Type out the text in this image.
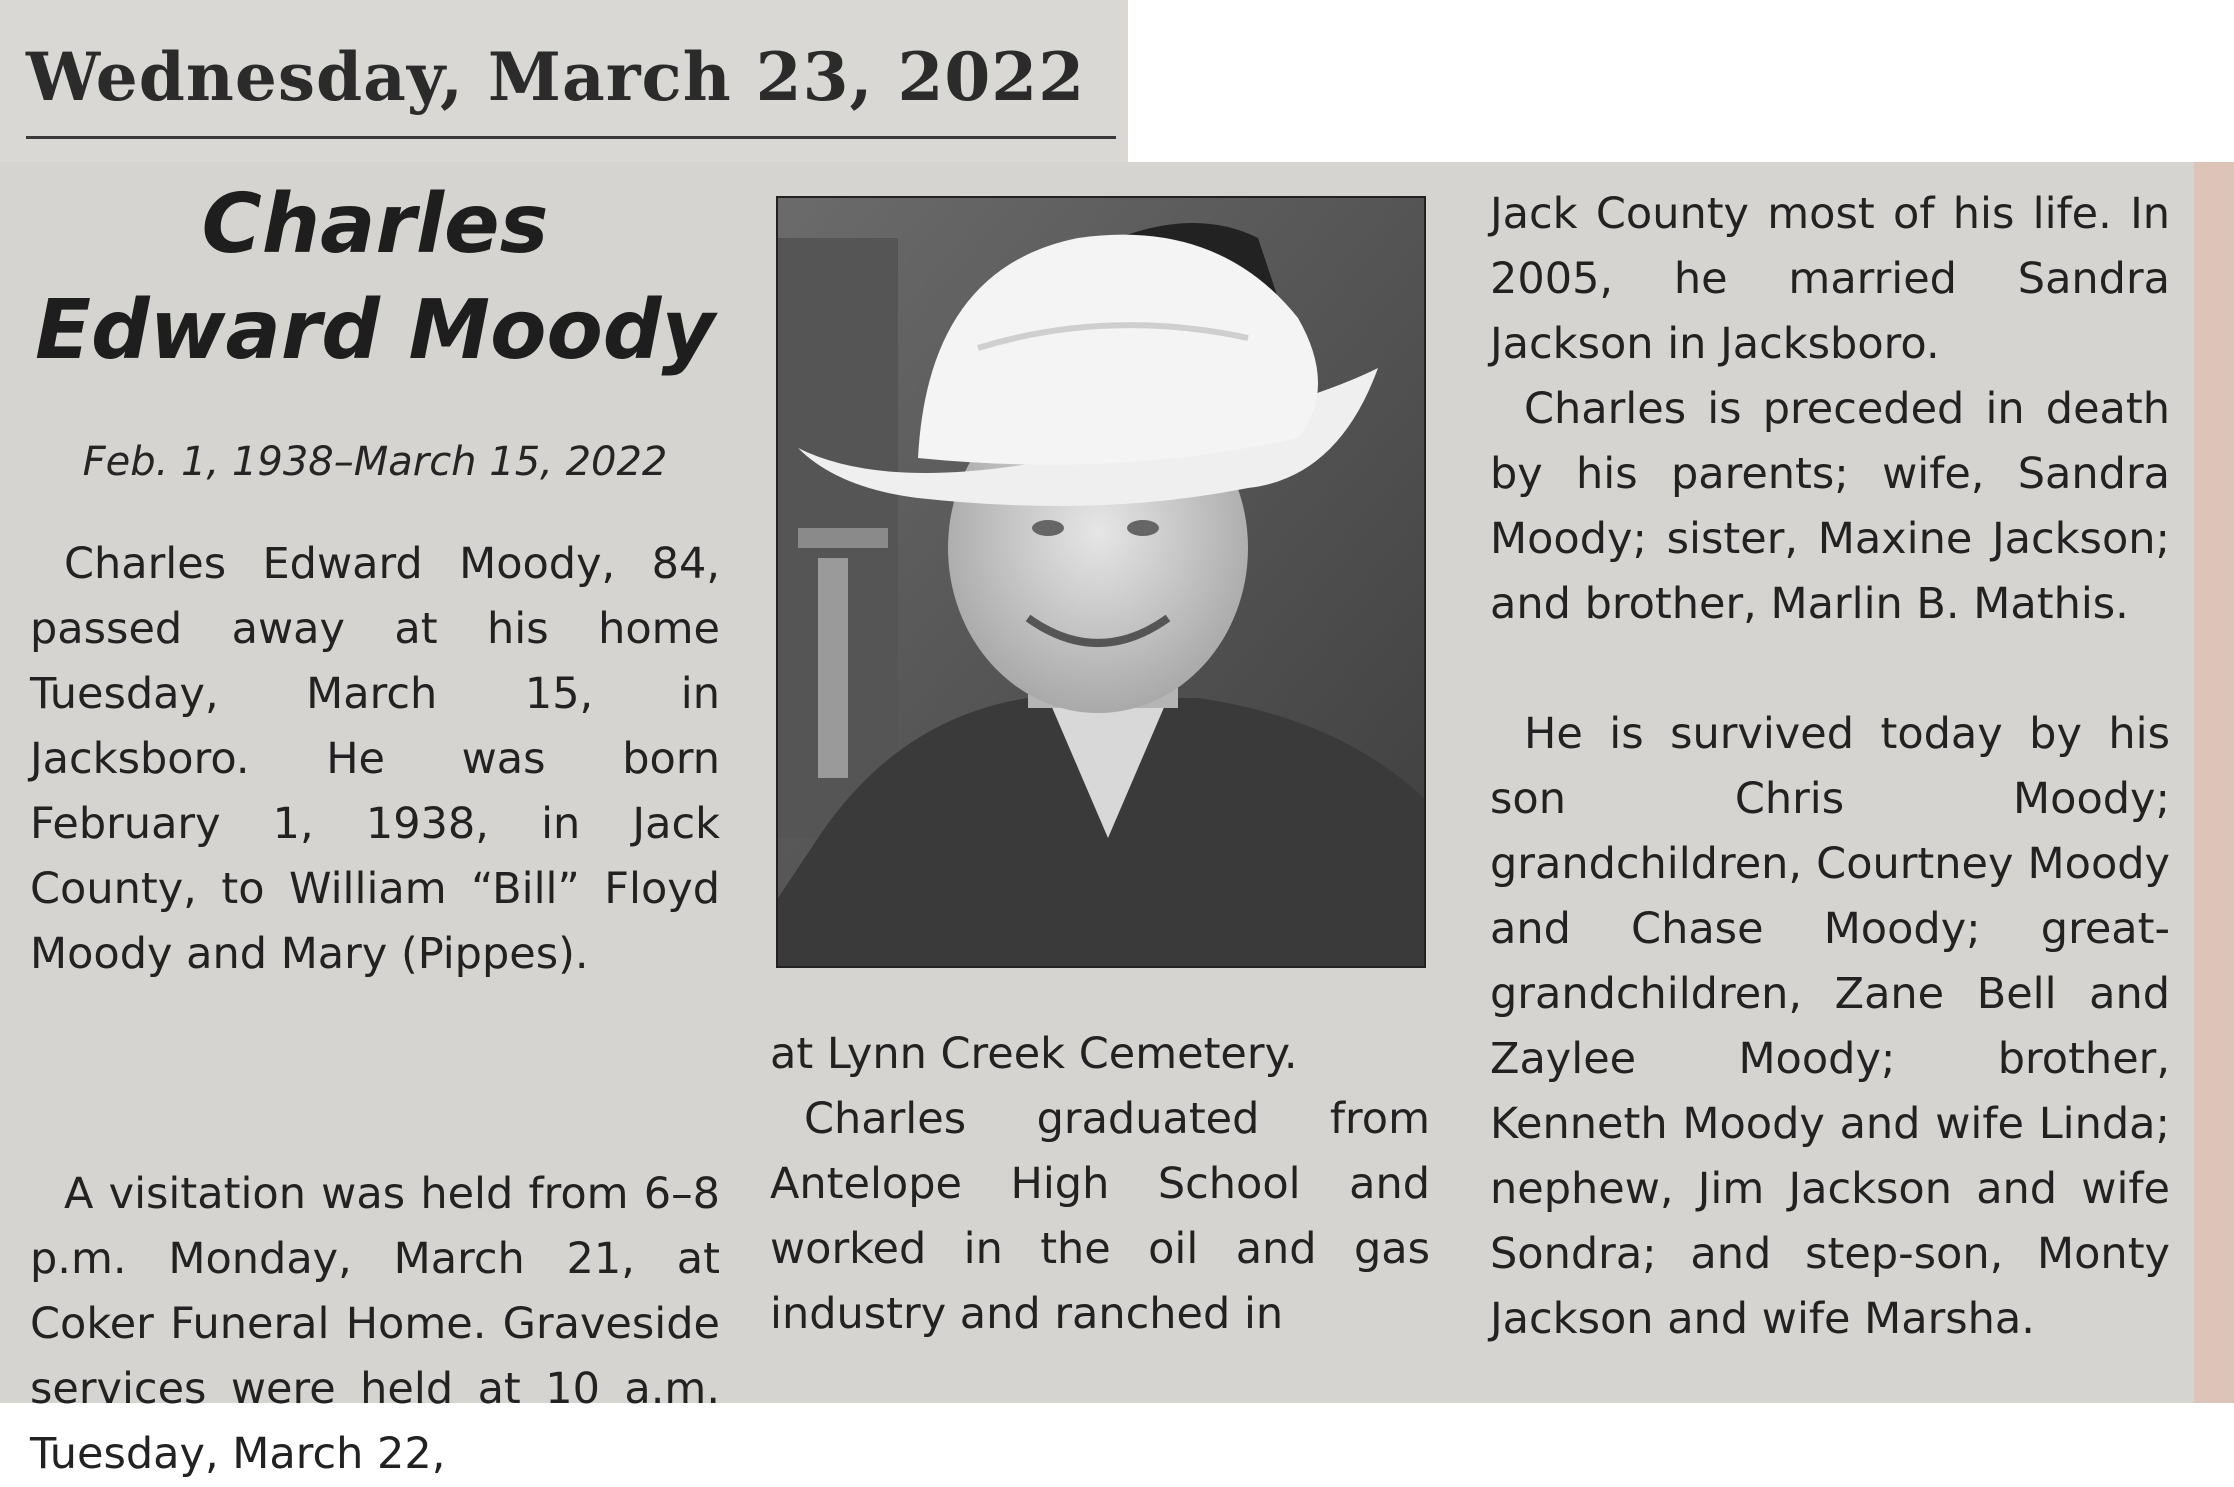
Wednesday, March 23, 2022
Charles Edward Moody
Feb. 1, 1938–March 15, 2022

Charles Edward Moody, 84, passed away at his home Tuesday, March 15, in Jacksboro. He was born February 1, 1938, in Jack County, to William “Bill” Floyd Moody and Mary (Pippes).

A visitation was held from 6–8 p.m. Monday, March 21, at Coker Funeral Home. Graveside services were held at 10 a.m. Tuesday, March 22,

at Lynn Creek Cemetery.

Charles graduated from Antelope High School and worked in the oil and gas industry and ranched in

Jack County most of his life. In 2005, he married Sandra Jackson in Jacksboro.

Charles is preceded in death by his parents; wife, Sandra Moody; sister, Maxine Jackson; and brother, Marlin B. Mathis.

He is survived today by his son Chris Moody; grandchildren, Courtney Moody and Chase Moody; great-grandchildren, Zane Bell and Zaylee Moody; brother, Kenneth Moody and wife Linda; nephew, Jim Jackson and wife Sondra; and step-son, Monty Jackson and wife Marsha.
